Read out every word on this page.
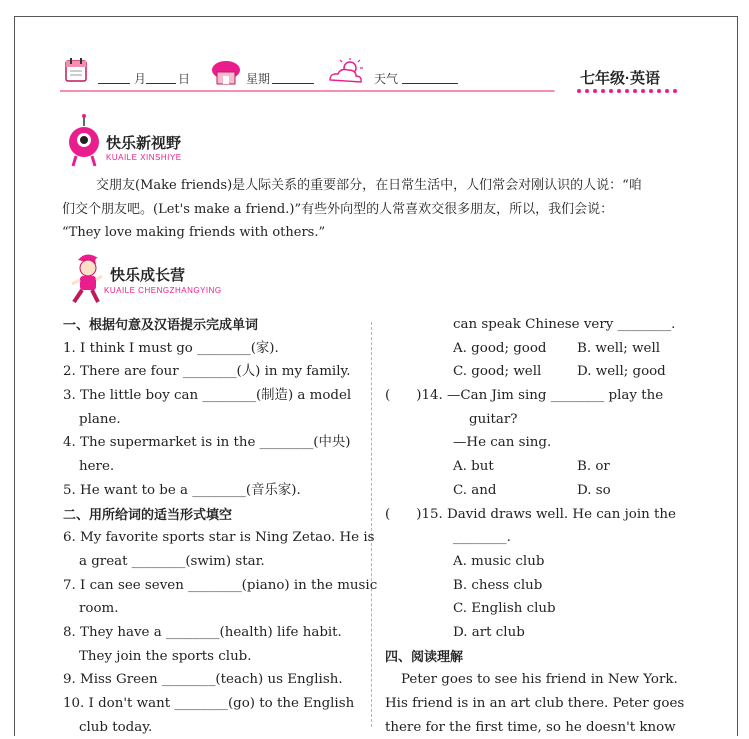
月	日	星期	天气	七年级·英语
快乐新视野
KUAILE XINSHIYE
交朋友(Make friends)是人际关系的重要部分，在日常生活中，人们常会对刚认识的人说：“咱
们交个朋友吧。(Let's make a friend.)”有些外向型的人常喜欢交很多朋友，所以，我们会说：
“They love making friends with others.”
快乐成长营
KUAILE CHENGZHANGYING
一、根据句意及汉语提示完成单词
1. I think I must go ________(家).
2. There are four ________(人) in my family.
3. The little boy can ________(制造) a model
plane.
4. The supermarket is in the ________(中央)
here.
5. He want to be a ________(音乐家).
二、用所给词的适当形式填空
6. My favorite sports star is Ning Zetao. He is
a great ________(swim) star.
7. I can see seven ________(piano) in the music
room.
8. They have a ________(health) life habit.
They join the sports club.
9. Miss Green ________(teach) us English.
10. I don't want ________(go) to the English
club today.
can speak Chinese very ________.
A. good; good B. well; well
C. good; well	D. well; good
( )14. —Can Jim sing ________ play the
guitar?
—He can sing.
A. but	B. or
C. and	D. so
( )15. David draws well. He can join the
________.
A. music club
B. chess club
C. English club
D. art club
四、阅读理解
Peter goes to see his friend in New York.
His friend is in an art club there. Peter goes
there for the first time, so he doesn't know
